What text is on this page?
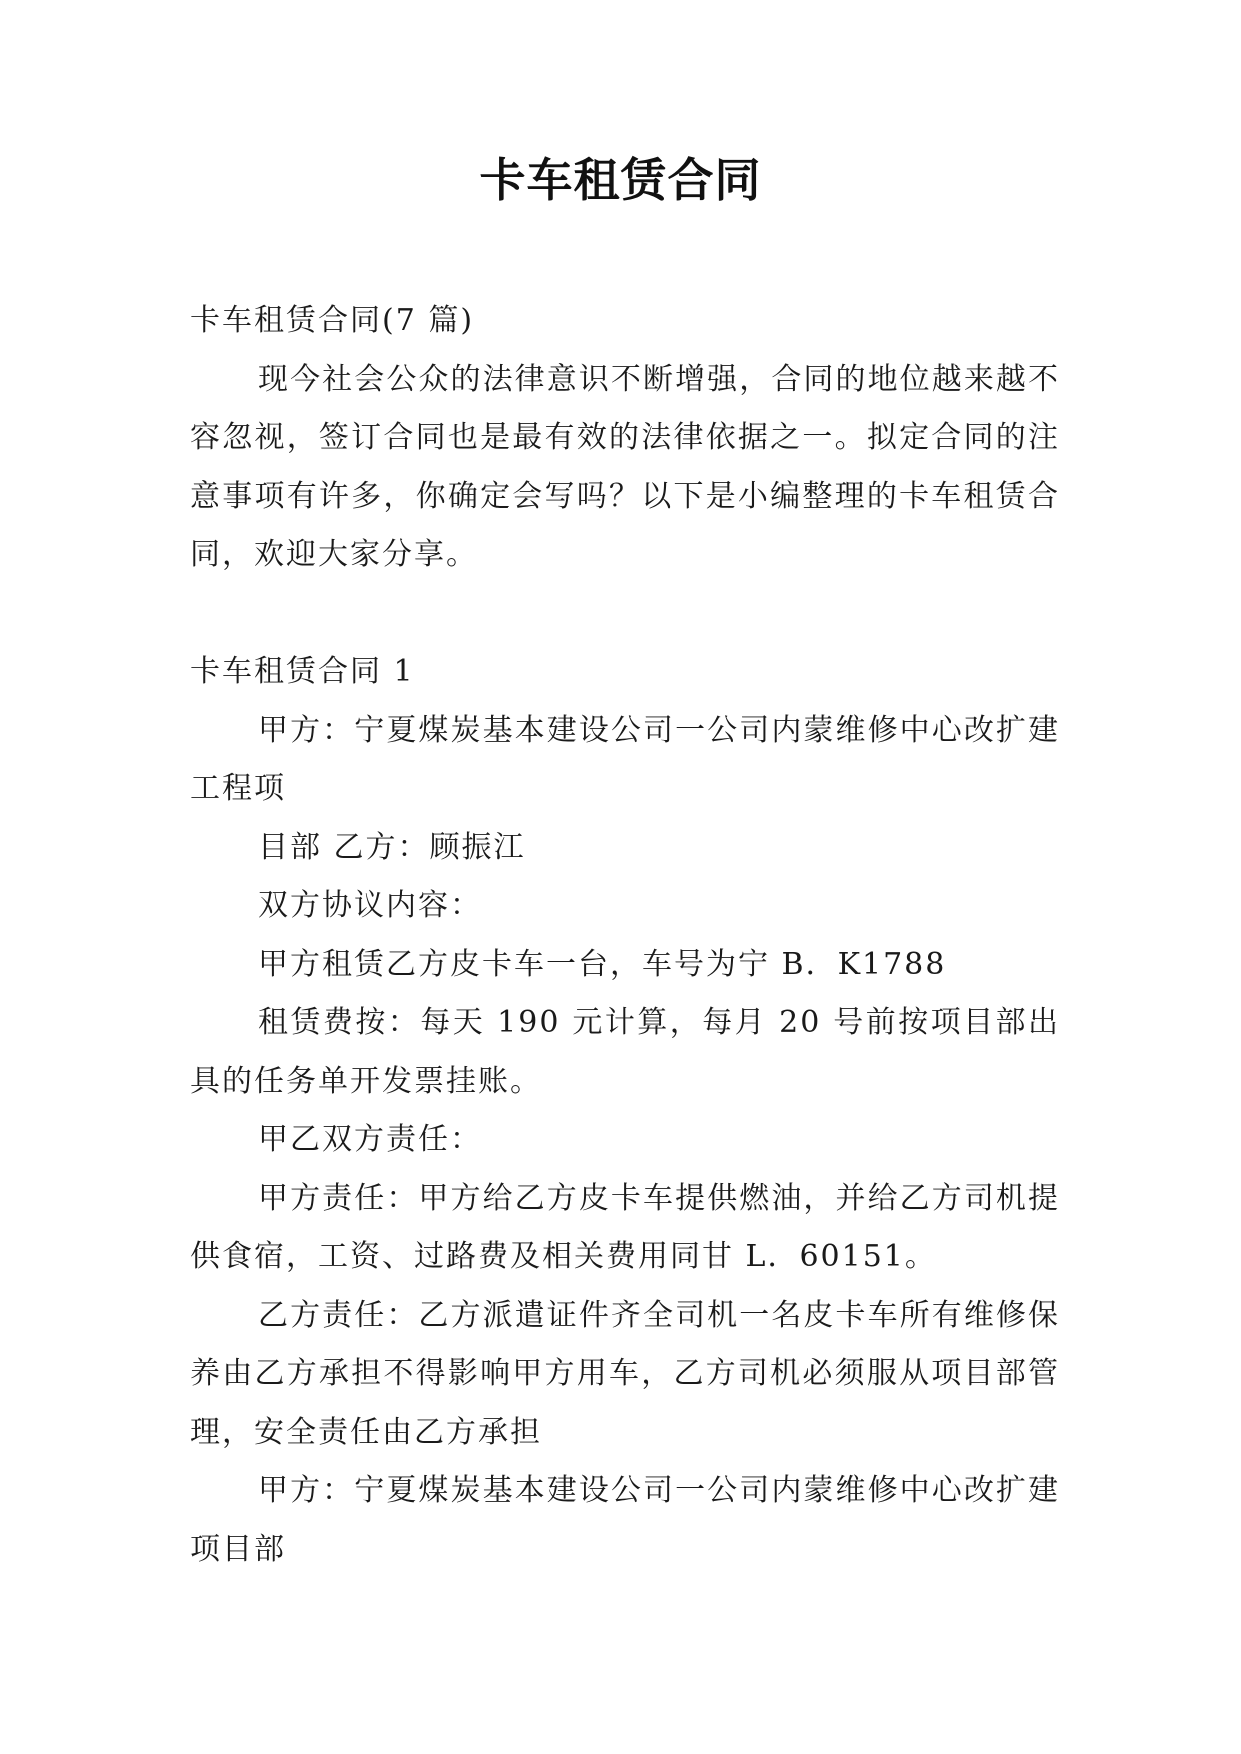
卡车租赁合同

卡车租赁合同(7 篇)

现今社会公众的法律意识不断增强，合同的地位越来越不容忽视，签订合同也是最有效的法律依据之一。拟定合同的注意事项有许多，你确定会写吗？以下是小编整理的卡车租赁合同，欢迎大家分享。

卡车租赁合同 1

甲方：宁夏煤炭基本建设公司一公司内蒙维修中心改扩建工程项

目部 乙方：顾振江

双方协议内容：

甲方租赁乙方皮卡车一台，车号为宁 B．K1788

租赁费按：每天 190 元计算，每月 20 号前按项目部出具的任务单开发票挂账。

甲乙双方责任：

甲方责任：甲方给乙方皮卡车提供燃油，并给乙方司机提供食宿，工资、过路费及相关费用同甘 L．60151。

乙方责任：乙方派遣证件齐全司机一名皮卡车所有维修保养由乙方承担不得影响甲方用车，乙方司机必须服从项目部管理，安全责任由乙方承担

甲方：宁夏煤炭基本建设公司一公司内蒙维修中心改扩建项目部
